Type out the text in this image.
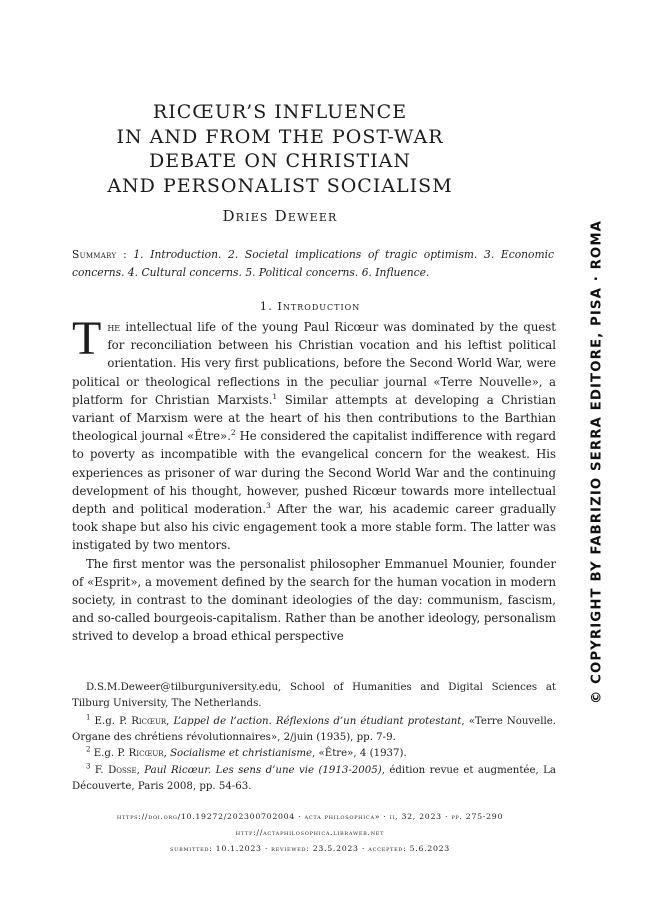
RICŒUR’S INFLUENCE
IN AND FROM THE POST-WAR
DEBATE ON CHRISTIAN
AND PERSONALIST SOCIALISM
Dries Deweer
Summary : 1. Introduction. 2. Societal implications of tragic optimism. 3. Economic concerns. 4. Cultural concerns. 5. Political concerns. 6. Influence.
1. Introduction

The intellectual life of the young Paul Ricœur was dominated by the quest for reconciliation between his Christian vocation and his leftist political orientation. His very first publications, before the Second World War, were political or theological reflections in the peculiar journal «Terre Nouvelle», a platform for Christian Marxists.$^1$ Similar attempts at developing a Christian variant of Marxism were at the heart of his then contributions to the Barthian theological journal «Être».$^2$ He considered the capitalist indifference with regard to poverty as incompatible with the evangelical concern for the weakest. His experiences as prisoner of war during the Second World War and the continuing development of his thought, however, pushed Ricœur towards more intellectual depth and political moderation.$^3$ After the war, his academic career gradually took shape but also his civic engagement took a more stable form. The latter was instigated by two mentors.

The first mentor was the personalist philosopher Emmanuel Mounier, founder of «Esprit», a movement defined by the search for the human vocation in modern society, in contrast to the dominant ideologies of the day: communism, fascism, and so-called bourgeois-capitalism. Rather than be another ideology, personalism strived to develop a broad ethical perspective

D.S.M.Deweer@tilburguniversity.edu, School of Humanities and Digital Sciences at Tilburg University, The Netherlands.

$^1$ E.g. P. Ricœur, L’appel de l’action. Réflexions d’un étudiant protestant, «Terre Nouvelle. Organe des chrétiens révolutionnaires», 2/juin (1935), pp. 7-9.

$^2$ E.g. P. Ricœur, Socialisme et christianisme, «Être», 4 (1937).

$^3$ F. Dosse, Paul Ricœur. Les sens d’une vie (1913-2005), édition revue et augmentée, La Découverte, Paris 2008, pp. 54-63.

https://doi.org/10.19272/202300702004 · acta philosophica» · ii, 32, 2023 · pp. 275-290
http://actaphilosophica.libraweb.net
submitted: 10.1.2023 · reviewed: 23.5.2023 · accepted: 5.6.2023
© COPYRIGHT BY FABRIZIO SERRA EDITORE, PISA · ROMA
